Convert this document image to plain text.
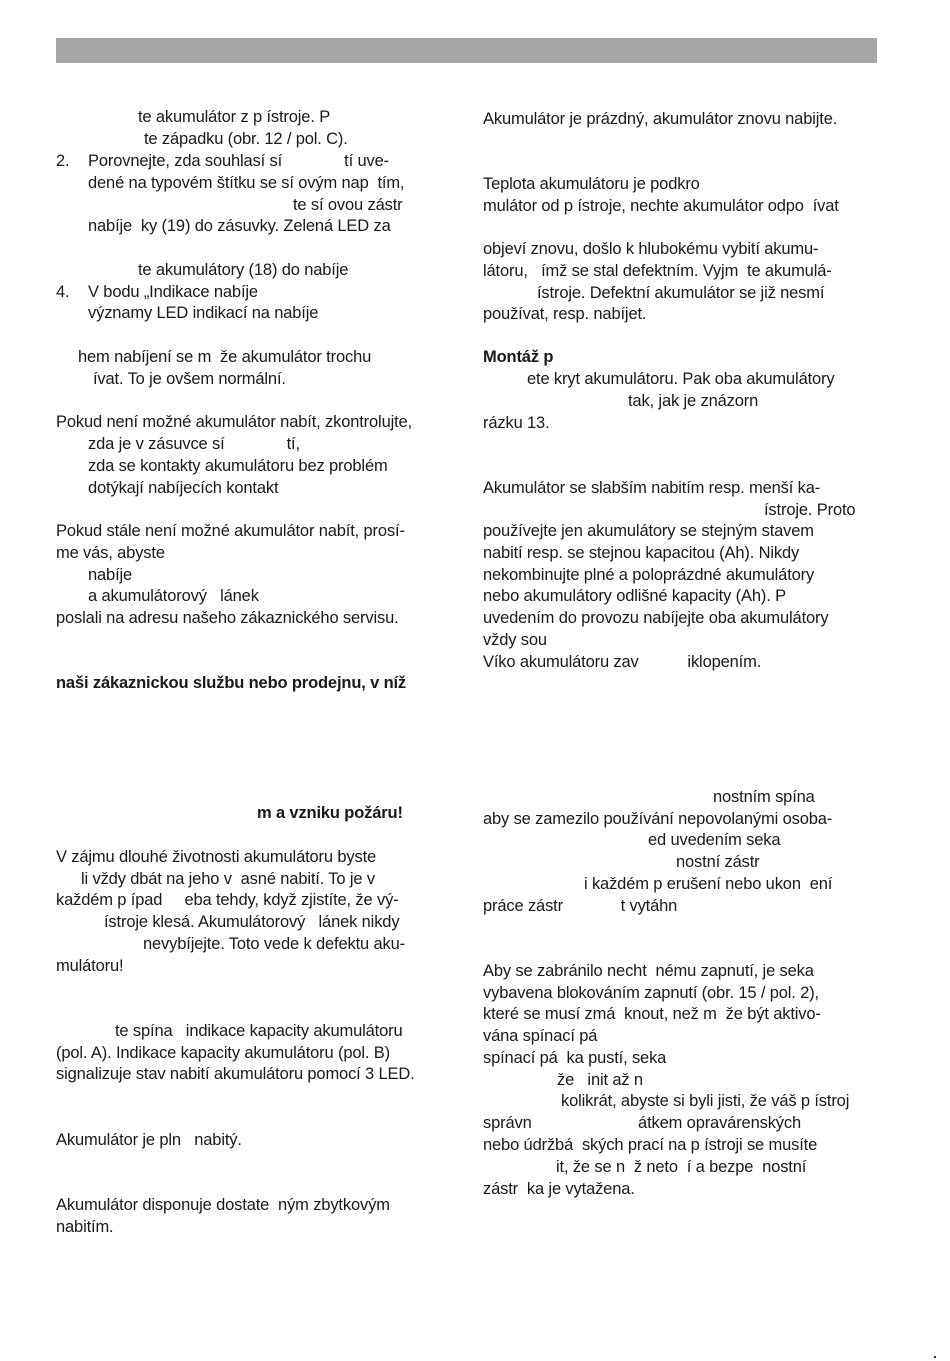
te akumulátor z p ístroje. P
te západku (obr. 12 / pol. C).
2. Porovnejte, zda souhlasí sí              tí uve-
dené na typovém štítku se sí ovým nap  tím,
te sí ovou zástr
nabíje  ky (19) do zásuvky. Zelená LED za
te akumulátory (18) do nabíje
4. V bodu „Indikace nabíje
významy LED indikací na nabíje
hem nabíjení se m  že akumulátor trochu
ívat. To je ovšem normální.
Pokud není možné akumulátor nabít, zkontrolujte,
zda je v zásuvce sí              tí,
zda se kontakty akumulátoru bez problém
dotýkají nabíjecích kontakt
Pokud stále není možné akumulátor nabít, prosí-
me vás, abyste
nabíje
a akumulátorový   lánek
poslali na adresu našeho zákaznického servisu.
naši zákaznickou službu nebo prodejnu, v níž
m a vzniku požáru!
V zájmu dlouhé životnosti akumulátoru byste
li vždy dbát na jeho v  asné nabití. To je v
každém p ípad     eba tehdy, když zjistíte, že vý-
ístroje klesá. Akumulátorový   lánek nikdy
nevybíjejte. Toto vede k defektu aku-
mulátoru!
te spína   indikace kapacity akumulátoru
(pol. A). Indikace kapacity akumulátoru (pol. B)
signalizuje stav nabití akumulátoru pomocí 3 LED.
Akumulátor je pln   nabitý.
Akumulátor disponuje dostate  ným zbytkovým
nabitím.
Akumulátor je prázdný, akumulátor znovu nabijte.
Teplota akumulátoru je podkro
mulátor od p ístroje, nechte akumulátor odpo  ívat
objeví znovu, došlo k hlubokému vybití akumu-
látoru,   ímž se stal defektním. Vyjm  te akumulá-
ístroje. Defektní akumulátor se již nesmí
používat, resp. nabíjet.
Montáž p
ete kryt akumulátoru. Pak oba akumulátory
tak, jak je znázorn
rázku 13.
Akumulátor se slabším nabitím resp. menší ka-
ístroje. Proto
používejte jen akumulátory se stejným stavem
nabití resp. se stejnou kapacitou (Ah). Nikdy
nekombinujte plné a poloprázdné akumulátory
nebo akumulátory odlišné kapacity (Ah). P
uvedením do provozu nabíjejte oba akumulátory
vždy sou
Víko akumulátoru zav           iklopením.
nostním spína
aby se zamezilo používání nepovolanými osoba-
ed uvedením seka
nostní zástr
i každém p erušení nebo ukon  ení
práce zástr             t vytáhn
Aby se zabránilo necht  nému zapnutí, je seka
vybavena blokováním zapnutí (obr. 15 / pol. 2),
které se musí zmá  knout, než m  že být aktivo-
vána spínací pá
spínací pá  ka pustí, seka
že   init až n
kolikrát, abyste si byli jisti, že váš p ístroj
správn                        átkem opravárenských
nebo údržbá  ských prací na p ístroji se musíte
it, že se n  ž neto  í a bezpe  nostní
zástr  ka je vytažena.
